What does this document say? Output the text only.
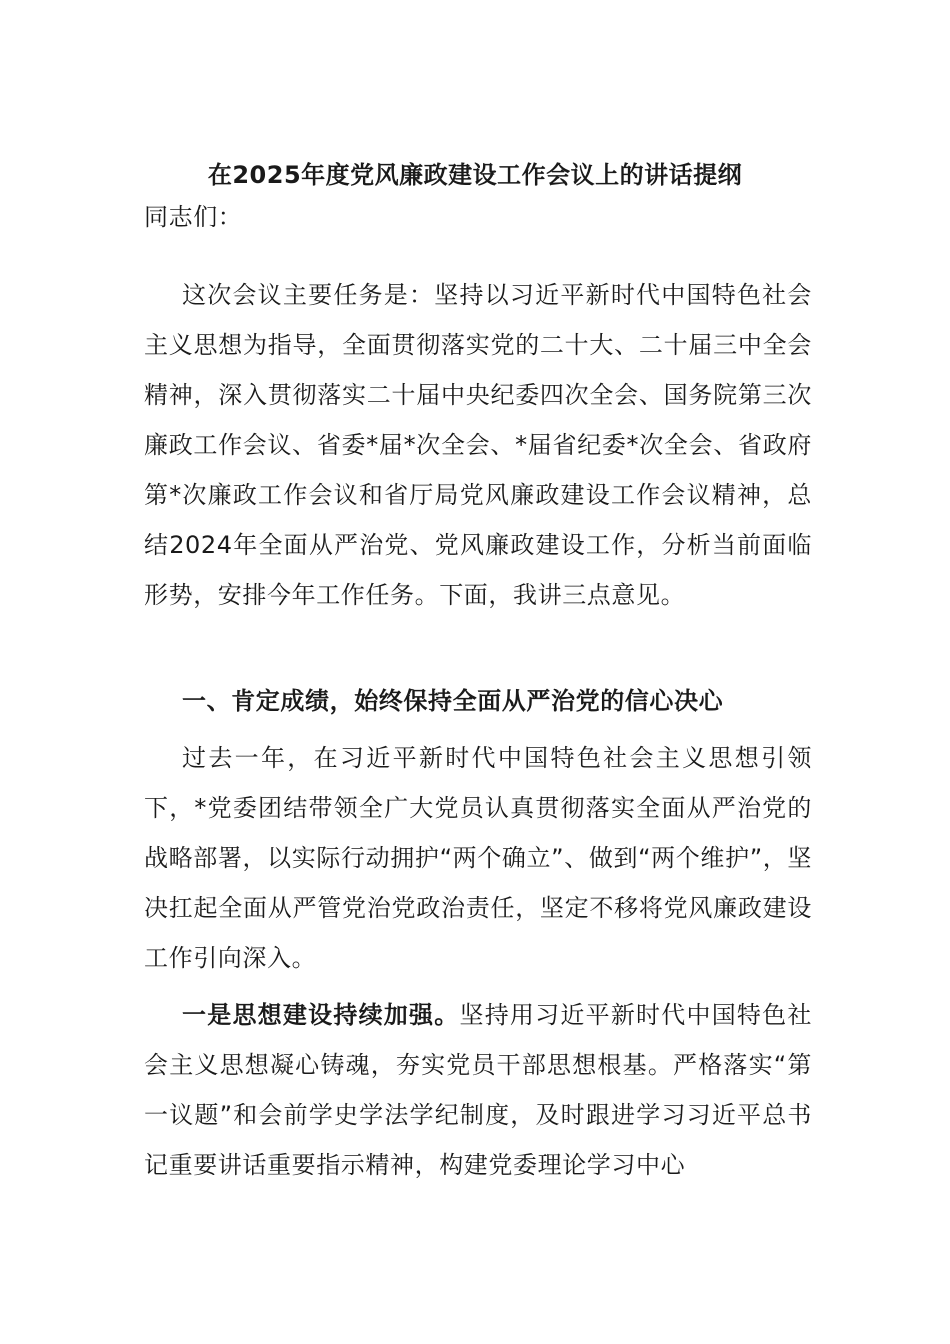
在2025年度党风廉政建设工作会议上的讲话提纲

同志们：

这次会议主要任务是：坚持以习近平新时代中国特色社会主义思想为指导，全面贯彻落实党的二十大、二十届三中全会精神，深入贯彻落实二十届中央纪委四次全会、国务院第三次廉政工作会议、省委*届*次全会、*届省纪委*次全会、省政府第*次廉政工作会议和省厅局党风廉政建设工作会议精神，总结2024年全面从严治党、党风廉政建设工作，分析当前面临形势，安排今年工作任务。下面，我讲三点意见。

一、肯定成绩，始终保持全面从严治党的信心决心

过去一年，在习近平新时代中国特色社会主义思想引领下，*党委团结带领全广大党员认真贯彻落实全面从严治党的战略部署，以实际行动拥护“两个确立”、做到“两个维护”，坚决扛起全面从严管党治党政治责任，坚定不移将党风廉政建设工作引向深入。

一是思想建设持续加强。坚持用习近平新时代中国特色社会主义思想凝心铸魂，夯实党员干部思想根基。严格落实“第一议题”和会前学史学法学纪制度，及时跟进学习习近平总书记重要讲话重要指示精神，构建党委理论学习中心
